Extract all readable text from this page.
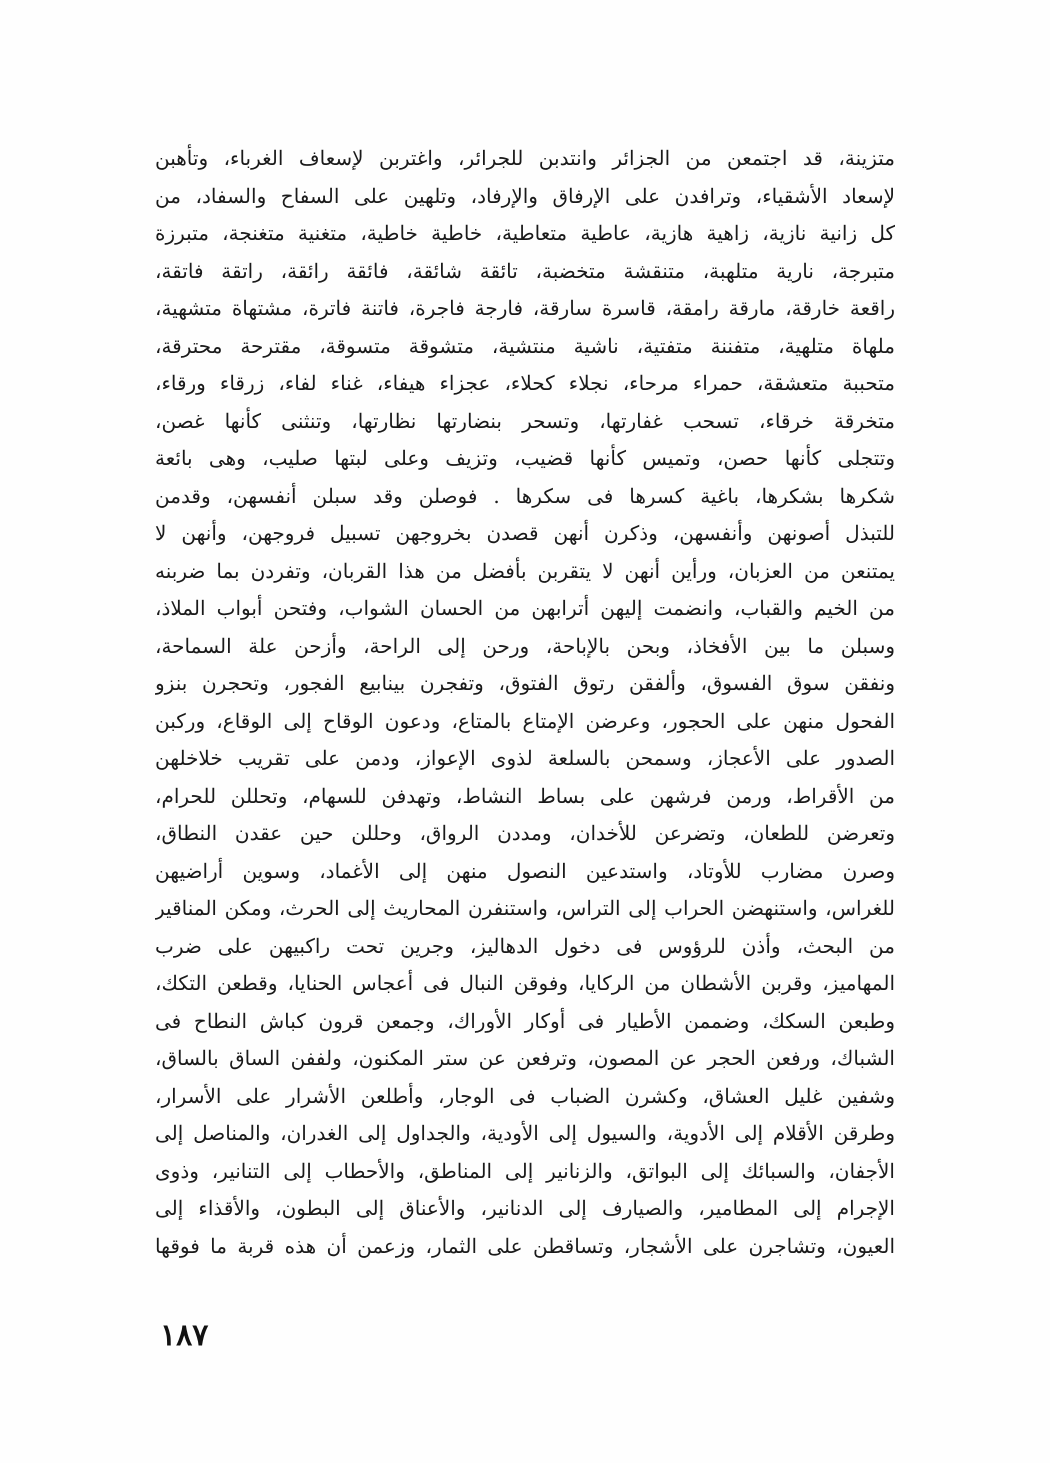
متزينة، قد اجتمعن من الجزائر وانتدبن للجرائر، واغتربن لإسعاف الغرباء، وتأهبن
لإسعاد الأشقياء، وترافدن على الإرفاق والإرفاد، وتلهين على السفاح والسفاد، من
كل زانية نازية، زاهية هازية، عاطية متعاطية، خاطية خاطية، متغنية متغنجة، متبرزة
متبرجة، نارية متلهبة، متنقشة متخضبة، تائقة شائقة، فائقة رائقة، راتقة فاتقة،
راقعة خارقة، مارقة رامقة، قاسرة سارقة، فارجة فاجرة، فاتنة فاترة، مشتهاة متشهية،
ملهاة متلهية، متفننة متفتية، ناشية منتشية، متشوقة متسوقة، مقترحة محترقة،
متحببة متعشقة، حمراء مرحاء، نجلاء كحلاء، عجزاء هيفاء، غناء لفاء، زرقاء ورقاء،
متخرقة خرقاء، تسحب غفارتها، وتسحر بنضارتها نظارتها، وتنثنى كأنها غصن،
وتتجلى كأنها حصن، وتميس كأنها قضيب، وتزيف وعلى لبتها صليب، وهى بائعة
شكرها بشكرها، باغية كسرها فى سكرها . فوصلن وقد سبلن أنفسهن، وقدمن
للتبذل أصونهن وأنفسهن، وذكرن أنهن قصدن بخروجهن تسبيل فروجهن، وأنهن لا
يمتنعن من العزبان، ورأين أنهن لا يتقربن بأفضل من هذا القربان، وتفردن بما ضربنه
من الخيم والقباب، وانضمت إليهن أترابهن من الحسان الشواب، وفتحن أبواب الملاذ،
وسبلن ما بين الأفخاذ، وبحن بالإباحة، ورحن إلى الراحة، وأزحن علة السماحة،
ونفقن سوق الفسوق، وألفقن رتوق الفتوق، وتفجرن بينابيع الفجور، وتحجرن بنزو
الفحول منهن على الحجور، وعرضن الإمتاع بالمتاع، ودعون الوقاح إلى الوقاع، وركبن
الصدور على الأعجاز، وسمحن بالسلعة لذوى الإعواز، ودمن على تقريب خلاخلهن
من الأقراط، ورمن فرشهن على بساط النشاط، وتهدفن للسهام، وتحللن للحرام،
وتعرضن للطعان، وتضرعن للأخدان، ومددن الرواق، وحللن حين عقدن النطاق،
وصرن مضارب للأوتاد، واستدعين النصول منهن إلى الأغماد، وسوين أراضيهن
للغراس، واستنهضن الحراب إلى التراس، واستنفرن المحاريث إلى الحرث، ومكن المناقير
من البحث، وأذن للرؤوس فى دخول الدهاليز، وجرين تحت راكبيهن على ضرب
المهاميز، وقربن الأشطان من الركايا، وفوقن النبال فى أعجاس الحنايا، وقطعن التكك،
وطبعن السكك، وضممن الأطيار فى أوكار الأوراك، وجمعن قرون كباش النطاح فى
الشباك، ورفعن الحجر عن المصون، وترفعن عن ستر المكنون، ولففن الساق بالساق،
وشفين غليل العشاق، وكشرن الضباب فى الوجار، وأطلعن الأشرار على الأسرار،
وطرقن الأقلام إلى الأدوية، والسيول إلى الأودية، والجداول إلى الغدران، والمناصل إلى
الأجفان، والسبائك إلى البواتق، والزنانير إلى المناطق، والأحطاب إلى التنانير، وذوى
الإجرام إلى المطامير، والصيارف إلى الدنانير، والأعناق إلى البطون، والأقذاء إلى
العيون، وتشاجرن على الأشجار، وتساقطن على الثمار، وزعمن أن هذه قربة ما فوقها
١٨٧
